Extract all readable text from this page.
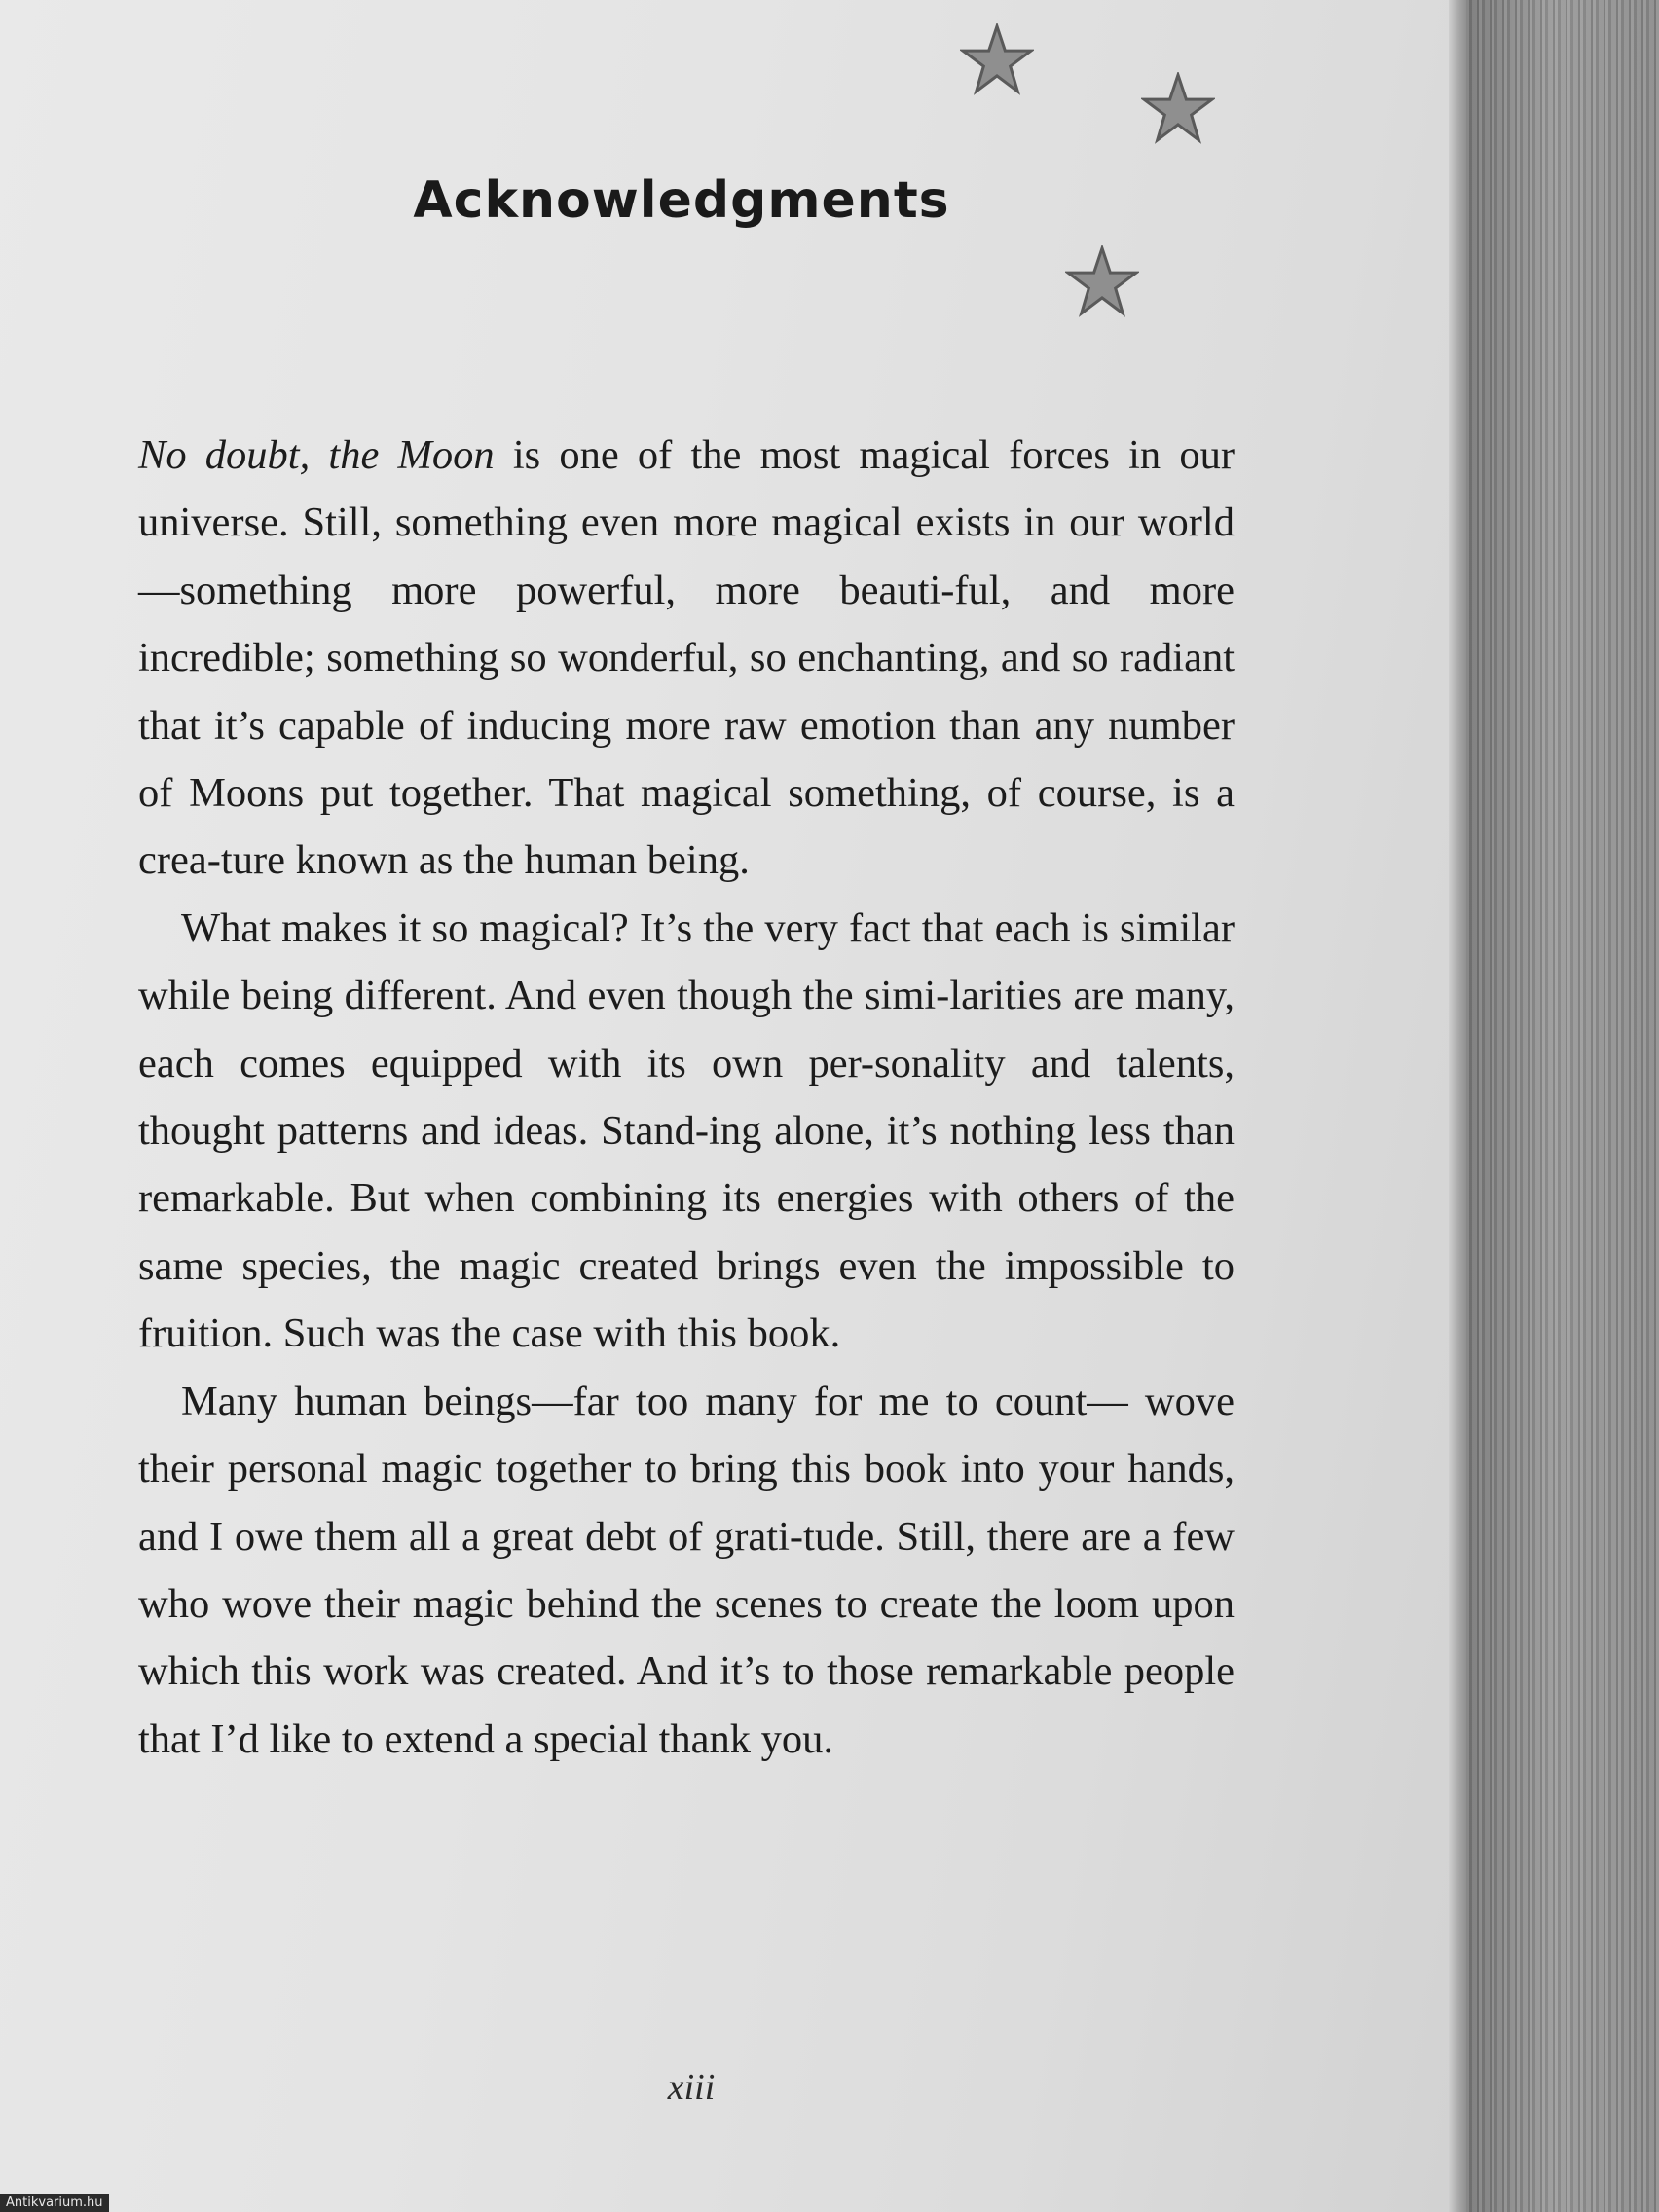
Acknowledgments

No doubt, the Moon is one of the most magical forces in our universe. Still, something even more magical exists in our world—something more powerful, more beauti-​ful, and more incredible; something so wonderful, so enchanting, and so radiant that it’s capable of inducing more raw emotion than any number of Moons put together. That magical something, of course, is a crea-​ture known as the human being.

What makes it so magical? It’s the very fact that each is similar while being different. And even though the simi-​larities are many, each comes equipped with its own per-​sonality and talents, thought patterns and ideas. Stand-​ing alone, it’s nothing less than remarkable. But when combining its energies with others of the same species, the magic created brings even the impossible to fruition. Such was the case with this book.

Many human beings—far too many for me to count— wove their personal magic together to bring this book into your hands, and I owe them all a great debt of grati-​tude. Still, there are a few who wove their magic behind the scenes to create the loom upon which this work was created. And it’s to those remarkable people that I’d like to extend a special thank you.

xiii
Antikvarium.hu
